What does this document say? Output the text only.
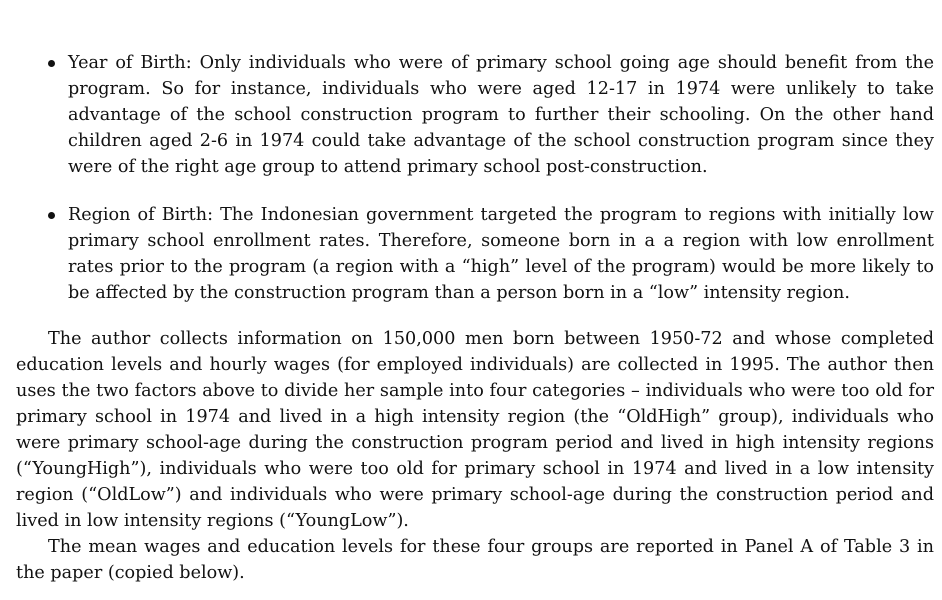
Year of Birth: Only individuals who were of primary school going age should benefit from the program. So for instance, individuals who were aged 12-17 in 1974 were unlikely to take advantage of the school construction program to further their schooling. On the other hand children aged 2-6 in 1974 could take advantage of the school construction program since they were of the right age group to attend primary school post-construction.
Region of Birth: The Indonesian government targeted the program to regions with initially low primary school enrollment rates. Therefore, someone born in a a region with low enrollment rates prior to the program (a region with a “high” level of the program) would be more likely to be affected by the construction program than a person born in a “low” intensity region.

The author collects information on 150,000 men born between 1950-72 and whose completed education levels and hourly wages (for employed individuals) are collected in 1995. The author then uses the two factors above to divide her sample into four categories – individuals who were too old for primary school in 1974 and lived in a high intensity region (the “OldHigh” group), individuals who were primary school-age during the construction program period and lived in high intensity regions (“YoungHigh”), individuals who were too old for primary school in 1974 and lived in a low intensity region (“OldLow”) and individuals who were primary school-age during the construction period and lived in low intensity regions (“YoungLow”).

The mean wages and education levels for these four groups are reported in Panel A of Table 3 in the paper (copied below).
